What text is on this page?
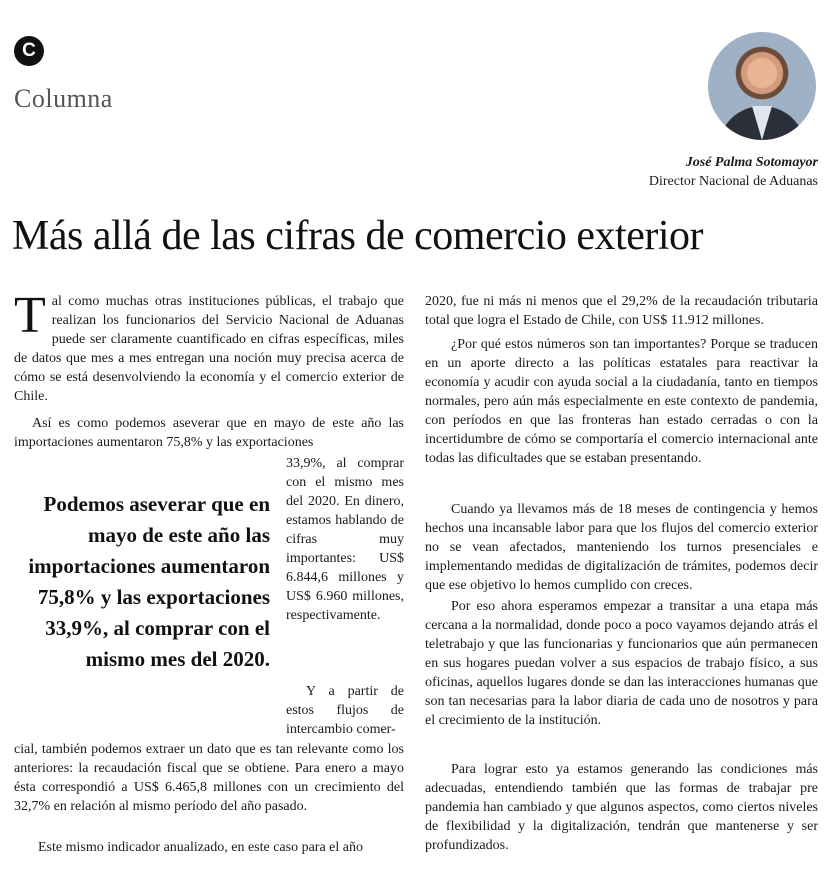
C
Columna
José Palma Sotomayor
Director Nacional de Aduanas
Más allá de las cifras de comercio exterior

Tal como muchas otras instituciones públicas, el trabajo que realizan los funcionarios del Servicio Nacional de Aduanas puede ser claramente cuantificado en cifras específicas, miles de datos que mes a mes entregan una noción muy precisa acerca de cómo se está desenvolviendo la economía y el comercio exterior de Chile.

Así es como podemos aseverar que en mayo de este año las importaciones aumentaron 75,8% y las exportaciones

33,9%, al comprar con el mismo mes del 2020. En dinero, estamos hablando de cifras muy importantes: US$ 6.844,6 millones y US$ 6.960 millones, respectivamente.
Y a partir de estos flujos de intercambio comer-
Podemos aseverar que en mayo de este año las importaciones aumentaron 75,8% y las exportaciones 33,9%, al comprar con el mismo mes del 2020.

cial, también podemos extraer un dato que es tan relevante como los anteriores: la recaudación fiscal que se obtiene. Para enero a mayo ésta correspondió a US$ 6.465,8 millones con un crecimiento del 32,7% en relación al mismo período del año pasado.

Este mismo indicador anualizado, en este caso para el año

2020, fue ni más ni menos que el 29,2% de la recaudación tributaria total que logra el Estado de Chile, con US$ 11.912 millones.

¿Por qué estos números son tan importantes? Porque se traducen en un aporte directo a las políticas estatales para reactivar la economía y acudir con ayuda social a la ciudadanía, tanto en tiempos normales, pero aún más especialmente en este contexto de pandemia, con períodos en que las fronteras han estado cerradas o con la incertidumbre de cómo se comportaría el comercio internacional ante todas las dificultades que se estaban presentando.

Cuando ya llevamos más de 18 meses de contingencia y hemos hechos una incansable labor para que los flujos del comercio exterior no se vean afectados, manteniendo los turnos presenciales e implementando medidas de digitalización de trámites, podemos decir que ese objetivo lo hemos cumplido con creces.

Por eso ahora esperamos empezar a transitar a una etapa más cercana a la normalidad, donde poco a poco vayamos dejando atrás el teletrabajo y que las funcionarias y funcionarios que aún permanecen en sus hogares puedan volver a sus espacios de trabajo físico, a sus oficinas, aquellos lugares donde se dan las interacciones humanas que son tan necesarias para la labor diaria de cada uno de nosotros y para el crecimiento de la institución.

Para lograr esto ya estamos generando las condiciones más adecuadas, entendiendo también que las formas de trabajar pre pandemia han cambiado y que algunos aspectos, como ciertos niveles de flexibilidad y la digitalización, tendrán que mantenerse y ser profundizados.
